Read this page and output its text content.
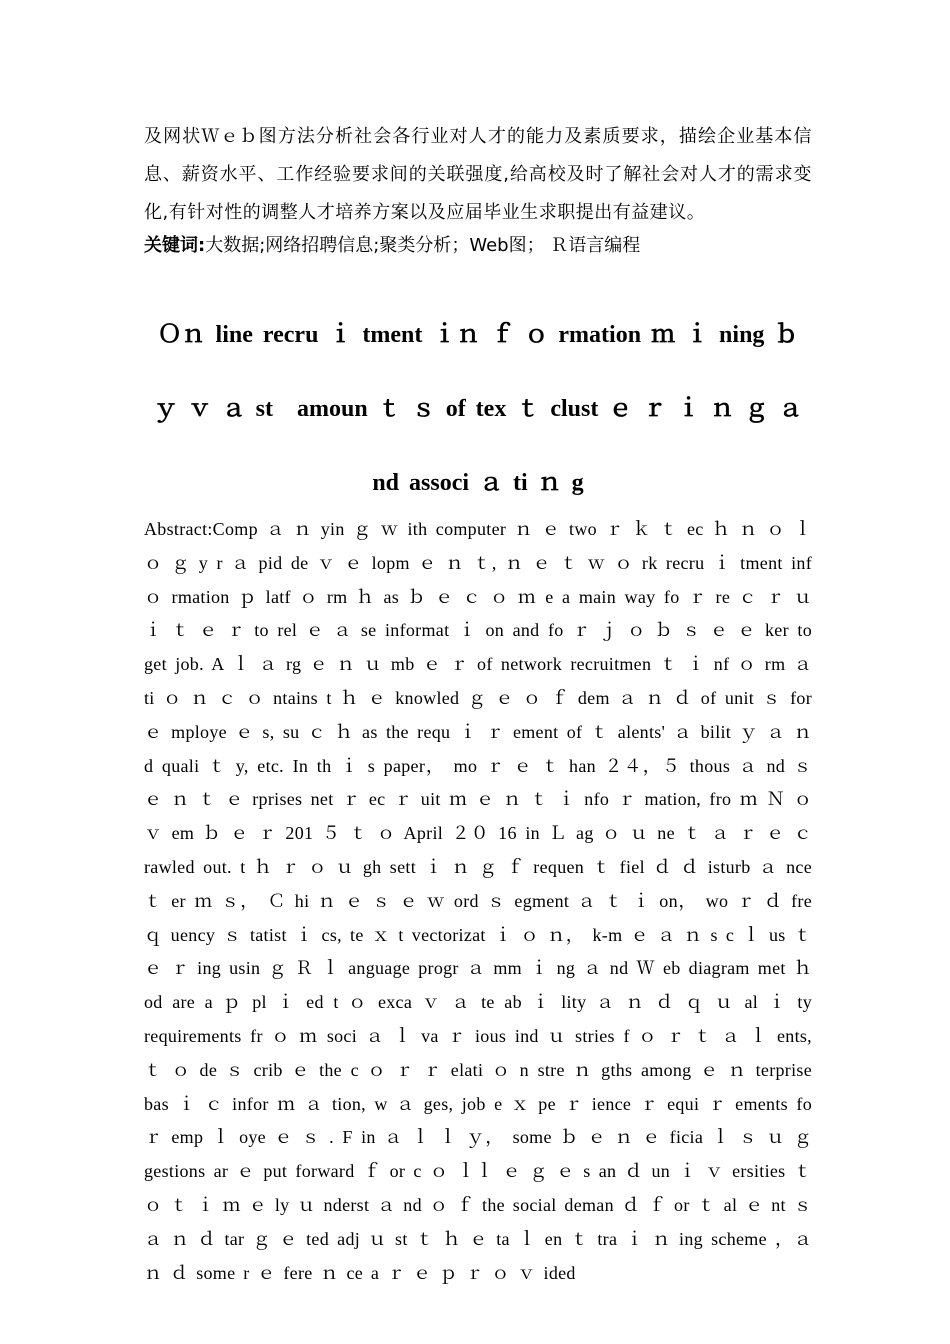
及网状Ｗｅｂ图方法分析社会各行业对人才的能力及素质要求，描绘企业基本信息、薪资水平、工作经验要求间的关联强度,给高校及时了解社会对人才的需求变化,有针对性的调整人才培养方案以及应届毕业生求职提出有益建议。

关键词:大数据;网络招聘信息;聚类分析；Web图； Ｒ语言编程

Ｏｎ line recru ｉ tment ｉｎ ｆ ｏ rmation ｍ ｉ ning ｂ ｙ ｖ ａ st　amoun ｔ ｓ of tex ｔ clust ｅ ｒ ｉ ｎ ｇ ａ nd associ ａ ti ｎ g

Abstract:Comp ａ ｎ yin ｇ ｗ ith computer ｎ ｅ two ｒ ｋ ｔ ec ｈ ｎ ｏ ｌ ｏ ｇ y r ａ pid de ｖ ｅ lopm ｅ ｎ ｔ, ｎ ｅ ｔ ｗ ｏ rk recru ｉ tment inf ｏ rmation ｐ latf ｏ rm ｈ as ｂ ｅ ｃ ｏ ｍ e a main way fo ｒ re ｃ ｒ ｕ ｉ ｔ ｅ ｒ to rel ｅ ａ se informat ｉ on and fo ｒ ｊ ｏ ｂ ｓ ｅ ｅ ker to get job. A ｌ ａ rg ｅ ｎ ｕ mb ｅ ｒ of network recruitmen ｔ ｉ nf ｏ rm ａ ti ｏ ｎ ｃ ｏ ntains t ｈ ｅ knowled ｇ ｅ ｏ ｆ dem ａ ｎ ｄ of unit ｓ for ｅ mploye ｅ s, su ｃ ｈ as the requ ｉ ｒ ement of ｔ alents' ａ bilit ｙ ａ ｎ d quali ｔ y, etc. In th ｉ s paper， mo ｒ ｅ ｔ han ２４，５ thous ａ nd ｓ ｅ ｎ ｔ ｅ rprises net ｒ ec ｒ uit ｍ ｅ ｎ ｔ ｉ nfo ｒ mation, fro ｍ Ｎ ｏ ｖ em ｂ ｅ ｒ 201 ５ ｔ ｏ April ２０ 16 in Ｌ ag ｏ ｕ ne ｔ ａ ｒ ｅ ｃ rawled out. t ｈ ｒ ｏ ｕ gh sett ｉ ｎ ｇ ｆ requen ｔ fiel ｄ ｄ isturb ａ nce ｔ er ｍ ｓ， Ｃ hi ｎ ｅ ｓ ｅ ｗ ord ｓ egment ａ ｔ ｉ on， wo ｒ ｄ fre ｑ uency ｓ tatist ｉ cs, te ｘ t vectorizat ｉ ｏ ｎ， k-m ｅ ａ ｎ s c ｌ us ｔ ｅ ｒ ing usin ｇ Ｒ ｌ anguage progr ａ mm ｉ ng ａ nd Ｗ eb diagram met ｈ od are a ｐ pl ｉ ed t ｏ exca ｖ ａ te ab ｉ lity ａ ｎ ｄ ｑ ｕ al ｉ ty requirements fr ｏ ｍ soci ａ ｌ va ｒ ious ind ｕ stries f ｏ ｒ ｔ ａ ｌ ents, ｔ ｏ de ｓ crib ｅ the c ｏ ｒ ｒ elati ｏ n stre ｎ gths among ｅ ｎ terprise bas ｉ ｃ infor ｍ ａ tion, w ａ ges, job e ｘ pe ｒ ience ｒ equi ｒ ements fo ｒ emp ｌ oye ｅ ｓ . F in ａ ｌ ｌ ｙ， some ｂ ｅ ｎ ｅ ficia ｌ ｓ ｕ ｇ gestions ar ｅ put forward ｆ or c ｏ ｌｌ ｅ ｇ ｅ s an ｄ un ｉ ｖ ersities ｔ ｏ ｔ ｉ ｍ ｅ ly ｕ nderst ａ nd ｏ ｆ the social deman ｄ ｆ or ｔ al ｅ nt ｓ ａ ｎ ｄ tar ｇ ｅ ted adj ｕ st ｔ ｈ ｅ ta ｌ en ｔ tra ｉ ｎ ing scheme ，ａ ｎ ｄ some r ｅ fere ｎ ce a ｒ ｅ ｐ ｒ ｏ ｖ ided
